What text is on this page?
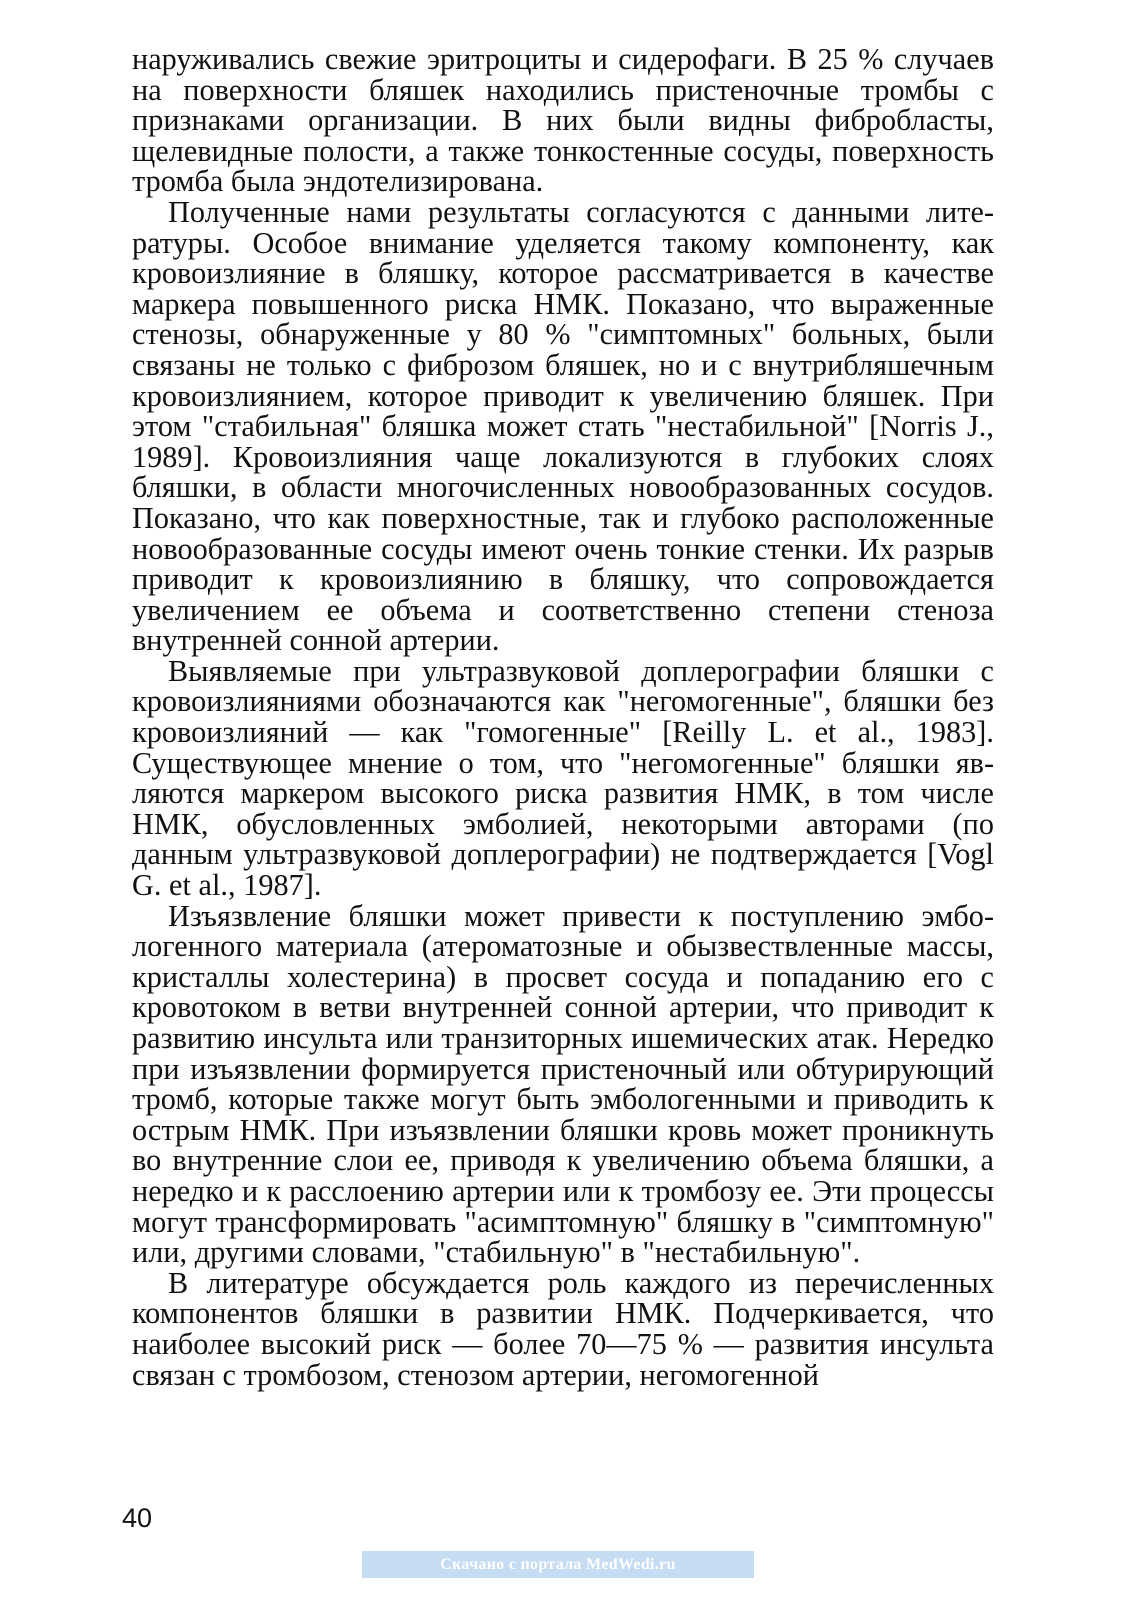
наруживались свежие эритроциты и сидерофаги. В 25 % случаев на поверхности бляшек находились пристеночные тромбы с признаками организации. В них были видны фибробласты, щелевидные полости, а также тонкостенные сосуды, поверхность тромба была эндотелизирована.

Полученные нами результаты согласуются с данными литературы. Особое внимание уделяется такому компоненту, как кровоизлияние в бляшку, которое рассматривается в качестве маркера повышенного риска НМК. Показано, что выраженные стенозы, обнаруженные у 80 % "симптомных" больных, были связаны не только с фиброзом бляшек, но и с внутрибляшечным кровоизлиянием, которое приводит к увеличению бляшек. При этом "стабильная" бляшка может стать "нестабильной" [Norris J., 1989]. Кровоизлияния чаще локализуются в глубоких слоях бляшки, в области многочисленных новообразованных сосудов. Показано, что как поверхностные, так и глубоко расположенные новообразованные сосуды имеют очень тонкие стенки. Их разрыв приводит к кровоизлиянию в бляшку, что сопровождается увеличением ее объема и соответственно степени стеноза внутренней сонной артерии.

Выявляемые при ультразвуковой доплерографии бляшки с кровоизлияниями обозначаются как "негомогенные", бляшки без кровоизлияний — как "гомогенные" [Reilly L. et al., 1983]. Существующее мнение о том, что "негомогенные" бляшки являются маркером высокого риска развития НМК, в том числе НМК, обусловленных эмболией, некоторыми авторами (по данным ультразвуковой доплерографии) не подтверждается [Vogl G. et al., 1987].

Изъязвление бляшки может привести к поступлению эмбологенного материала (атероматозные и обызвествленные массы, кристаллы холестерина) в просвет сосуда и попаданию его с кровотоком в ветви внутренней сонной артерии, что приводит к развитию инсульта или транзиторных ишемических атак. Нередко при изъязвлении формируется пристеночный или обтурирующий тромб, которые также могут быть эмбологенными и приводить к острым НМК. При изъязвлении бляшки кровь может проникнуть во внутренние слои ее, приводя к увеличению объема бляшки, а нередко и к расслоению артерии или к тромбозу ее. Эти процессы могут трансформировать "асимптомную" бляшку в "симптомную" или, другими словами, "стабильную" в "нестабильную".

В литературе обсуждается роль каждого из перечисленных компонентов бляшки в развитии НМК. Подчеркивается, что наиболее высокий риск — более 70—75 % — развития инсульта связан с тромбозом, стенозом артерии, негомогенной

40
Скачано с портала MedWedi.ru
